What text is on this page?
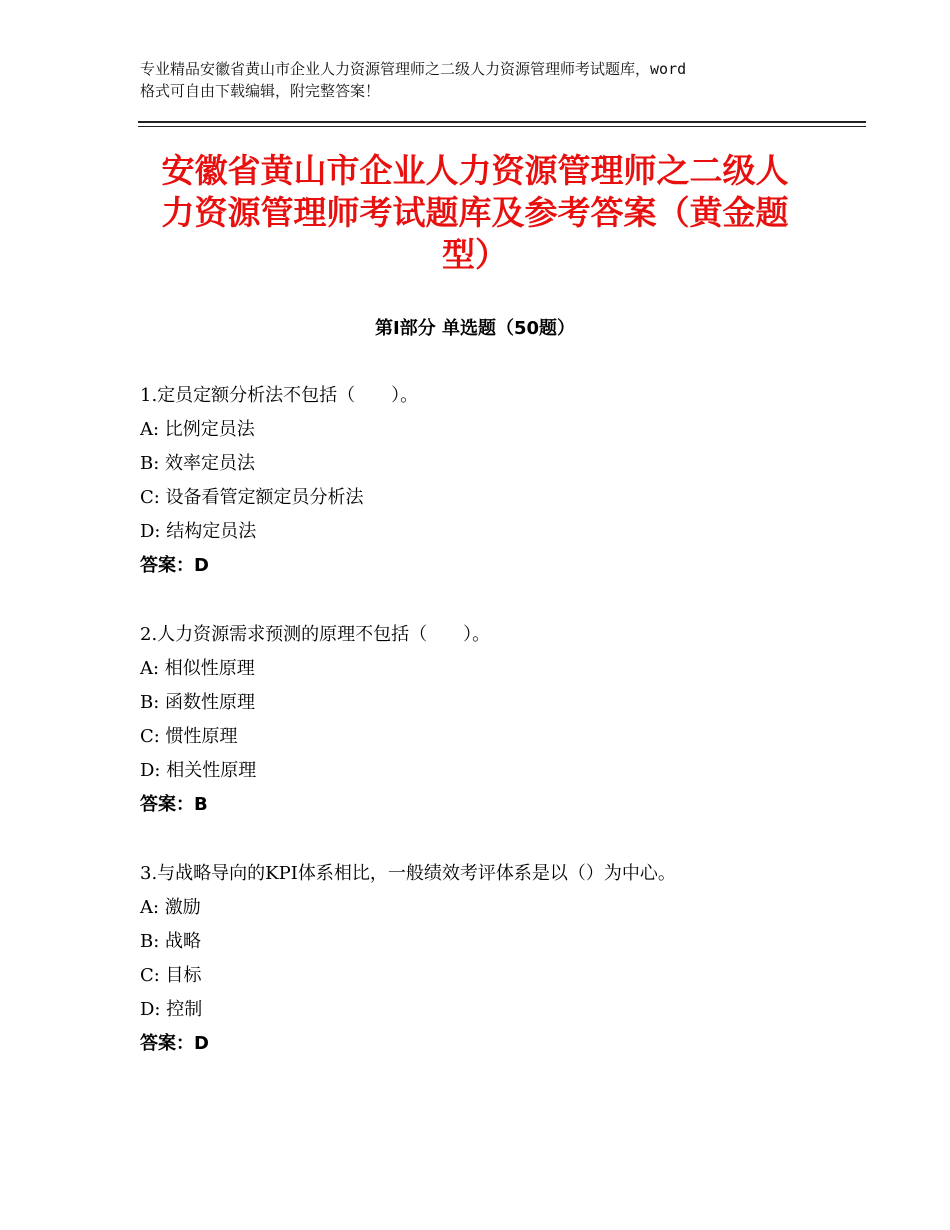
专业精品安徽省黄山市企业人力资源管理师之二级人力资源管理师考试题库，word
格式可自由下载编辑，附完整答案！
安徽省黄山市企业人力资源管理师之二级人
力资源管理师考试题库及参考答案（黄金题
型）
第Ⅰ部分 单选题（50题）
1.定员定额分析法不包括（　　）。
A: 比例定员法
B: 效率定员法
C: 设备看管定额定员分析法
D: 结构定员法
答案：D
2.人力资源需求预测的原理不包括（　　）。
A: 相似性原理
B: 函数性原理
C: 惯性原理
D: 相关性原理
答案：B
3.与战略导向的KPI体系相比，一般绩效考评体系是以（）为中心。
A: 激励
B: 战略
C: 目标
D: 控制
答案：D
